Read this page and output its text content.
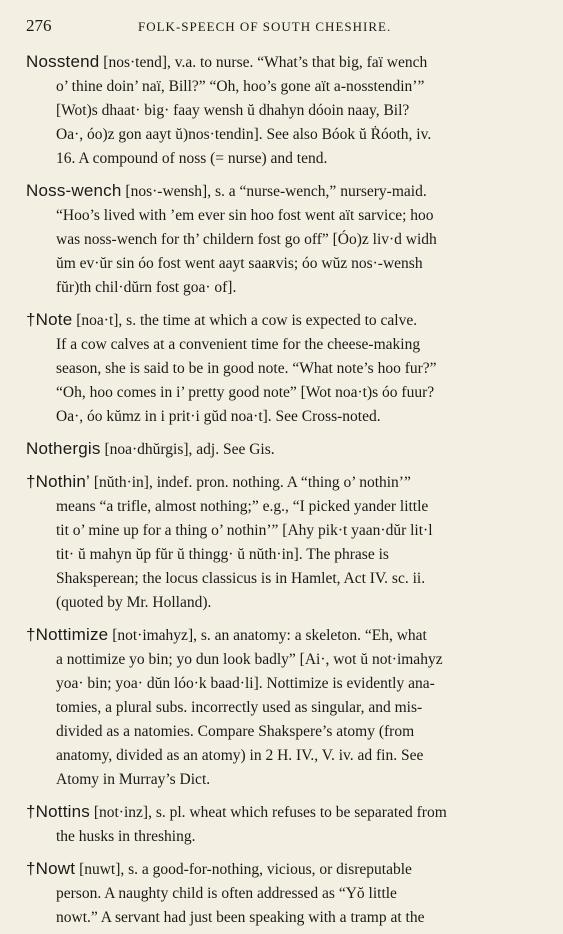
276	FOLK-SPEECH OF SOUTH CHESHIRE.
Nosstend [nos·tend], v.a. to nurse. “What’s that big, faï wench
o’ thine doin’ naï, Bill?” “Oh, hoo’s gone aït a-nosstendin’”
[Wot)s dhaat· big· faay wensh ŭ dhahyn dóoin naay, Bil?
Oa·, óo)z gon aayt ŭ)nos·tendin]. See also Bóok ŭ Ṙóoth, iv.
16. A compound of noss (= nurse) and tend.
Noss-wench [nos·-wensh], s. a “nurse-wench,” nursery-maid.
“Hoo’s lived with ’em ever sin hoo fost went aït sarvice; hoo
was noss-wench for th’ childern fost go off” [Óo)z liv·d widh
ŭm ev·ŭr sin óo fost went aayt saaʀvis; óo wŭz nos·-wensh
fŭr)th chil·dŭrn fost goa· of].
†Note [noa·t], s. the time at which a cow is expected to calve.
If a cow calves at a convenient time for the cheese-making
season, she is said to be in good note. “What note’s hoo fur?”
“Oh, hoo comes in i’ pretty good note” [Wot noa·t)s óo fuur?
Oa·, óo kŭmz in i prit·i gŭd noa·t]. See Cross-noted.
Nothergis [noa·dhŭrgis], adj. See Gis.
†Nothin’ [nŭth·in], indef. pron. nothing. A “thing o’ nothin’”
means “a trifle, almost nothing;” e.g., “I picked yander little
tit o’ mine up for a thing o’ nothin’” [Ahy pik·t yaan·dŭr lit·l
tit· ŭ mahyn ŭp fŭr ŭ thingg· ŭ nŭth·in]. The phrase is
Shaksperean; the locus classicus is in Hamlet, Act IV. sc. ii.
(quoted by Mr. Holland).
†Nottimize [not·imahyz], s. an anatomy: a skeleton. “Eh, what
a nottimize yo bin; yo dun look badly” [Ai·, wot ŭ not·imahyz
yoa· bin; yoa· dŭn lóo·k baad·li]. Nottimize is evidently ana-
tomies, a plural subs. incorrectly used as singular, and mis-
divided as a natomies. Compare Shakspere’s atomy (from
anatomy, divided as an atomy) in 2 H. IV., V. iv. ad fin. See
Atomy in Murray’s Dict.
†Nottins [not·inz], s. pl. wheat which refuses to be separated from
the husks in threshing.
†Nowt [nuwt], s. a good-for-nothing, vicious, or disreputable
person. A naughty child is often addressed as “Yŏ little
nowt.” A servant had just been speaking with a tramp at the
